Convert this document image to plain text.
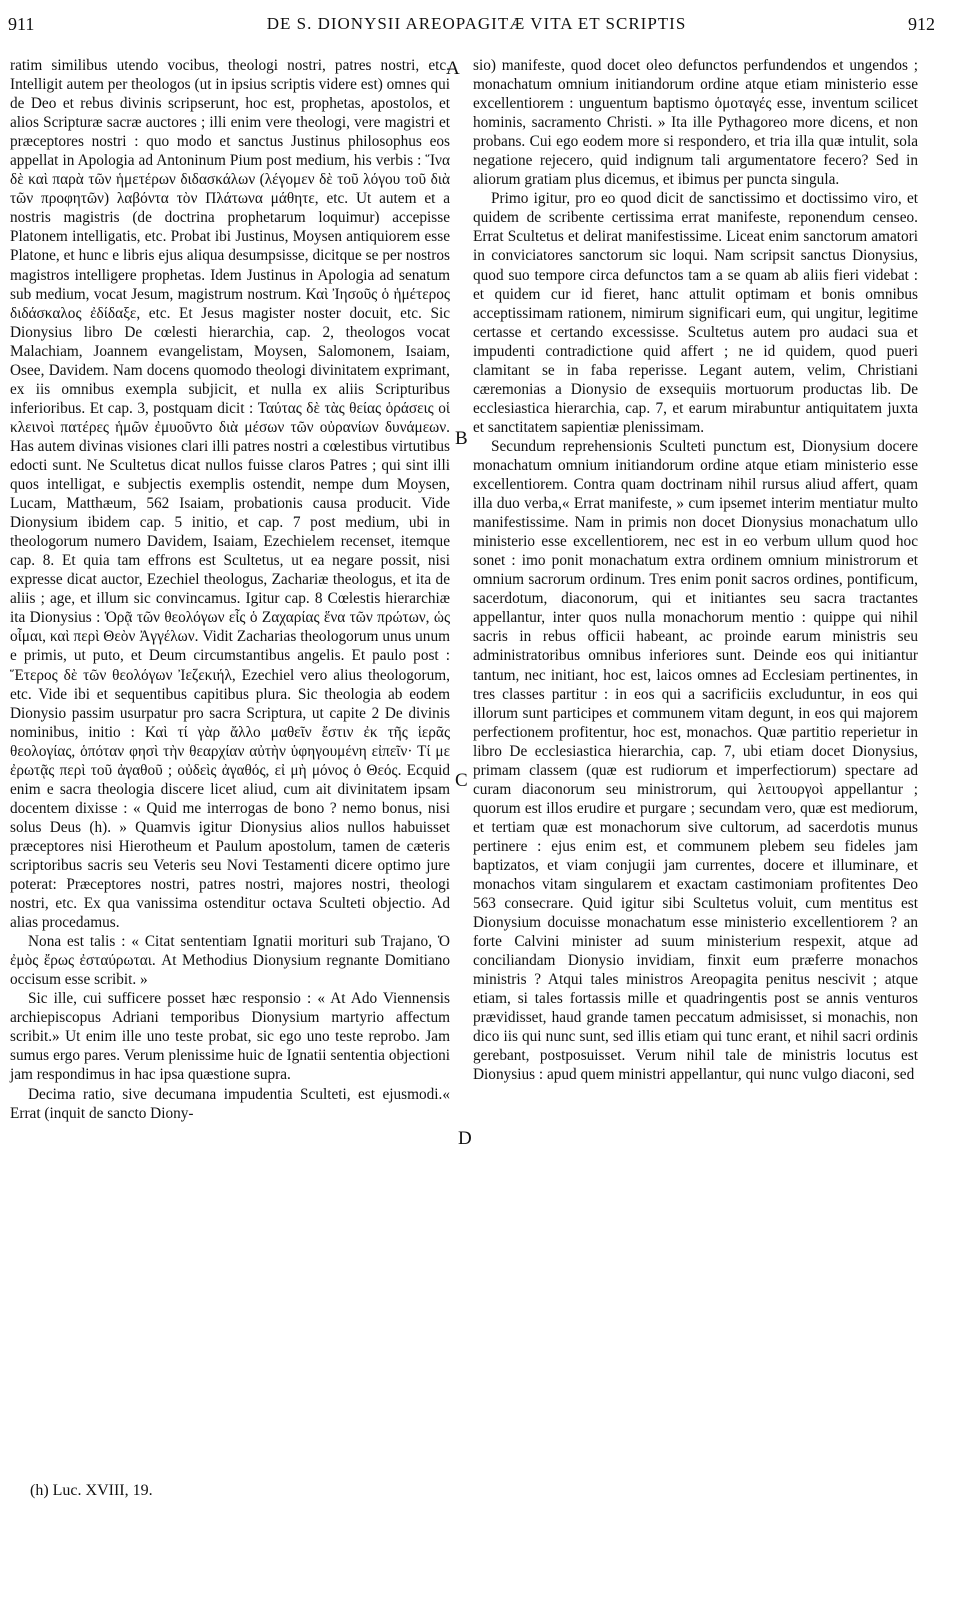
911	DE S. DIONYSII AREOPAGITÆ VITA ET SCRIPTIS	912

ratim similibus utendo vocibus, theologi nostri, patres nostri, etc. Intelligit autem per theologos (ut in ipsius scriptis videre est) omnes qui de Deo et rebus divinis scripserunt, hoc est, prophetas, apostolos, et alios Scripturæ sacræ auctores ; illi enim vere theologi, vere magistri et præceptores nostri : quo modo et sanctus Justinus philosophus eos appellat in Apologia ad Antoninum Pium post medium, his verbis : Ἵνα δὲ καὶ παρὰ τῶν ἡμετέρων διδασκάλων (λέγομεν δὲ τοῦ λόγου τοῦ διὰ τῶν προφητῶν) λαβόντα τὸν Πλάτωνα μάθητε, etc. Ut autem et a nostris magistris (de doctrina prophetarum loquimur) accepisse Platonem intelligatis, etc. Probat ibi Justinus, Moysen antiquiorem esse Platone, et hunc e libris ejus aliqua desumpsisse, dicitque se per nostros magistros intelligere prophetas. Idem Justinus in Apologia ad senatum sub medium, vocat Jesum, magistrum nostrum. Καὶ Ἰησοῦς ὁ ἡμέτερος διδάσκαλος ἐδίδαξε, etc. Et Jesus magister noster docuit, etc. Sic Dionysius libro De cœlesti hierarchia, cap. 2, theologos vocat Malachiam, Joannem evangelistam, Moysen, Salomonem, Isaiam, Osee, Davidem. Nam docens quomodo theologi divinitatem exprimant, ex iis omnibus exempla subjicit, et nulla ex aliis Scripturibus inferioribus. Et cap. 3, postquam dicit : Ταύτας δὲ τὰς θείας ὁράσεις οἱ κλεινοὶ πατέρες ἡμῶν ἐμυοῦντο διὰ μέσων τῶν οὐρανίων δυνάμεων. Has autem divinas visiones clari illi patres nostri a cœlestibus virtutibus edocti sunt. Ne Scultetus dicat nullos fuisse claros Patres ; qui sint illi quos intelligat, e subjectis exemplis ostendit, nempe dum Moysen, Lucam, Matthæum, 562 Isaiam, probationis causa producit. Vide Dionysium ibidem cap. 5 initio, et cap. 7 post medium, ubi in theologorum numero Davidem, Isaiam, Ezechielem recenset, itemque cap. 8. Et quia tam effrons est Scultetus, ut ea negare possit, nisi expresse dicat auctor, Ezechiel theologus, Zachariæ theologus, et ita de aliis ; age, et illum sic convincamus. Igitur cap. 8 Cœlestis hierarchiæ ita Dionysius : Ὁρᾷ τῶν θεολόγων εἷς ὁ Ζαχαρίας ἕνα τῶν πρώτων, ὡς οἶμαι, καὶ περὶ Θεὸν Ἀγγέλων. Vidit Zacharias theologorum unus unum e primis, ut puto, et Deum circumstantibus angelis. Et paulo post : Ἕτερος δὲ τῶν θεολόγων Ἰεζεκιήλ, Ezechiel vero alius theologorum, etc. Vide ibi et sequentibus capitibus plura. Sic theologia ab eodem Dionysio passim usurpatur pro sacra Scriptura, ut capite 2 De divinis nominibus, initio : Καὶ τί γὰρ ἄλλο μαθεῖν ἔστιν ἐκ τῆς ἱερᾶς θεολογίας, ὁπόταν φησὶ τὴν θεαρχίαν αὐτὴν ὑφηγουμένη εἰπεῖν· Τί με ἐρωτᾷς περὶ τοῦ ἀγαθοῦ ; οὐδεὶς ἀγαθός, εἰ μὴ μόνος ὁ Θεός. Ecquid enim e sacra theologia discere licet aliud, cum ait divinitatem ipsam docentem dixisse : « Quid me interrogas de bono ? nemo bonus, nisi solus Deus (h). » Quamvis igitur Dionysius alios nullos habuisset præceptores nisi Hierotheum et Paulum apostolum, tamen de cæteris scriptoribus sacris seu Veteris seu Novi Testamenti dicere optimo jure poterat: Præceptores nostri, patres nostri, majores nostri, theologi nostri, etc. Ex qua vanissima ostenditur octava Sculteti objectio. Ad alias procedamus.

Nona est talis : « Citat sententiam Ignatii morituri sub Trajano, Ὁ ἐμὸς ἔρως ἐσταύρωται. At Methodius Dionysium regnante Domitiano occisum esse scribit. »

Sic ille, cui sufficere posset hæc responsio : « At Ado Viennensis archiepiscopus Adriani temporibus Dionysium martyrio affectum scribit.» Ut enim ille uno teste probat, sic ego uno teste reprobo. Jam sumus ergo pares. Verum plenissime huic de Ignatii sententia objectioni jam respondimus in hac ipsa quæstione supra.

Decima ratio, sive decumana impudentia Sculteti, est ejusmodi.« Errat (inquit de sancto Diony-

sio) manifeste, quod docet oleo defunctos perfundendos et ungendos ; monachatum omnium initiandorum ordine atque etiam ministerio esse excellentiorem : unguentum baptismo ὁμοταγές esse, inventum scilicet hominis, sacramento Christi. » Ita ille Pythagoreo more dicens, et non probans. Cui ego eodem more si respondero, et tria illa quæ intulit, sola negatione rejecero, quid indignum tali argumentatore fecero? Sed in aliorum gratiam plus dicemus, et ibimus per puncta singula.

Primo igitur, pro eo quod dicit de sanctissimo et doctissimo viro, et quidem de scribente certissima errat manifeste, reponendum censeo. Errat Scultetus et delirat manifestissime. Liceat enim sanctorum amatori in conviciatores sanctorum sic loqui. Nam scripsit sanctus Dionysius, quod suo tempore circa defunctos tam a se quam ab aliis fieri videbat : et quidem cur id fieret, hanc attulit optimam et bonis omnibus acceptissimam rationem, nimirum significari eum, qui ungitur, legitime certasse et certando excessisse. Scultetus autem pro audaci sua et impudenti contradictione quid affert ; ne id quidem, quod pueri clamitant se in faba reperisse. Legant autem, velim, Christiani cæremonias a Dionysio de exsequiis mortuorum productas lib. De ecclesiastica hierarchia, cap. 7, et earum mirabuntur antiquitatem juxta et sanctitatem sapientiæ plenissimam.

Secundum reprehensionis Sculteti punctum est, Dionysium docere monachatum omnium initiandorum ordine atque etiam ministerio esse excellentiorem. Contra quam doctrinam nihil rursus aliud affert, quam illa duo verba,« Errat manifeste, » cum ipsemet interim mentiatur multo manifestissime. Nam in primis non docet Dionysius monachatum ullo ministerio esse excellentiorem, nec est in eo verbum ullum quod hoc sonet : imo ponit monachatum extra ordinem omnium ministrorum et omnium sacrorum ordinum. Tres enim ponit sacros ordines, pontificum, sacerdotum, diaconorum, qui et initiantes seu sacra tractantes appellantur, inter quos nulla monachorum mentio : quippe qui nihil sacris in rebus officii habeant, ac proinde earum ministris seu administratoribus omnibus inferiores sunt. Deinde eos qui initiantur tantum, nec initiant, hoc est, laicos omnes ad Ecclesiam pertinentes, in tres classes partitur : in eos qui a sacrificiis excluduntur, in eos qui illorum sunt participes et communem vitam degunt, in eos qui majorem perfectionem profitentur, hoc est, monachos. Quæ partitio reperietur in libro De ecclesiastica hierarchia, cap. 7, ubi etiam docet Dionysius, primam classem (quæ est rudiorum et imperfectiorum) spectare ad curam diaconorum seu ministrorum, qui λειτουργοὶ appellantur ; quorum est illos erudire et purgare ; secundam vero, quæ est mediorum, et tertiam quæ est monachorum sive cultorum, ad sacerdotis munus pertinere : ejus enim est, et communem plebem seu fideles jam baptizatos, et viam conjugii jam currentes, docere et illuminare, et monachos vitam singularem et exactam castimoniam profitentes Deo 563 consecrare. Quid igitur sibi Scultetus voluit, cum mentitus est Dionysium docuisse monachatum esse ministerio excellentiorem ? an forte Calvini minister ad suum ministerium respexit, atque ad conciliandam Dionysio invidiam, finxit eum præferre monachos ministris ? Atqui tales ministros Areopagita penitus nescivit ; atque etiam, si tales fortassis mille et quadringentis post se annis venturos prævidisset, haud grande tamen peccatum admisisset, si monachis, non dico iis qui nunc sunt, sed illis etiam qui tunc erant, et nihil sacri ordinis gerebant, postposuisset. Verum nihil tale de ministris locutus est Dionysius : apud quem ministri appellantur, qui nunc vulgo diaconi, sed

A
B
C
D
(h) Luc. XVIII, 19.
